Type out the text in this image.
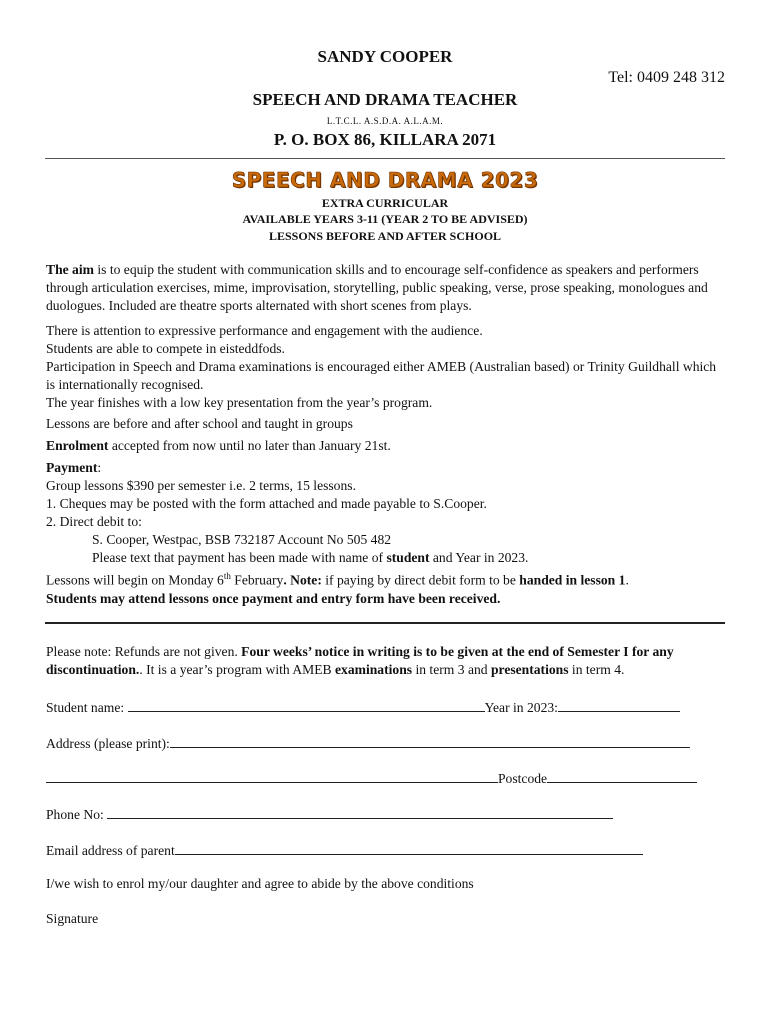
SANDY COOPER
Tel: 0409 248 312
SPEECH AND DRAMA TEACHER
L.T.C.L. A.S.D.A. A.L.A.M.
P. O. BOX 86, KILLARA 2071
SPEECH AND DRAMA 2023
EXTRA CURRICULAR
AVAILABLE YEARS 3-11 (YEAR 2 TO BE ADVISED)
LESSONS BEFORE AND AFTER SCHOOL
The aim is to equip the student with communication skills and to encourage self-confidence as speakers and performers through articulation exercises, mime, improvisation, storytelling, public speaking, verse, prose speaking, monologues and duologues. Included are theatre sports alternated with short scenes from plays.
There is attention to expressive performance and engagement with the audience.
Students are able to compete in eisteddfods.
Participation in Speech and Drama examinations is encouraged either AMEB (Australian based) or Trinity Guildhall which is internationally recognised.
The year finishes with a low key presentation from the year’s program.
Lessons are before and after school and taught in groups
Enrolment accepted from now until no later than January 21st.
Payment:
Group lessons $390 per semester i.e. 2 terms, 15 lessons.
1. Cheques may be posted with the form attached and made payable to S.Cooper.
2. Direct debit to:
S. Cooper, Westpac, BSB 732187 Account No 505 482
Please text that payment has been made with name of student and Year in 2023.
Lessons will begin on Monday 6th February. Note: if paying by direct debit form to be handed in lesson 1.
Students may attend lessons once payment and entry form have been received.
Please note: Refunds are not given. Four weeks’ notice in writing is to be given at the end of Semester I for any discontinuation.. It is a year’s program with AMEB examinations in term 3 and presentations in term 4.
Student name:	Year in 2023:
Address (please print):
Postcode
Phone No:
Email address of parent
I/we wish to enrol my/our daughter and agree to abide by the above conditions
Signature
